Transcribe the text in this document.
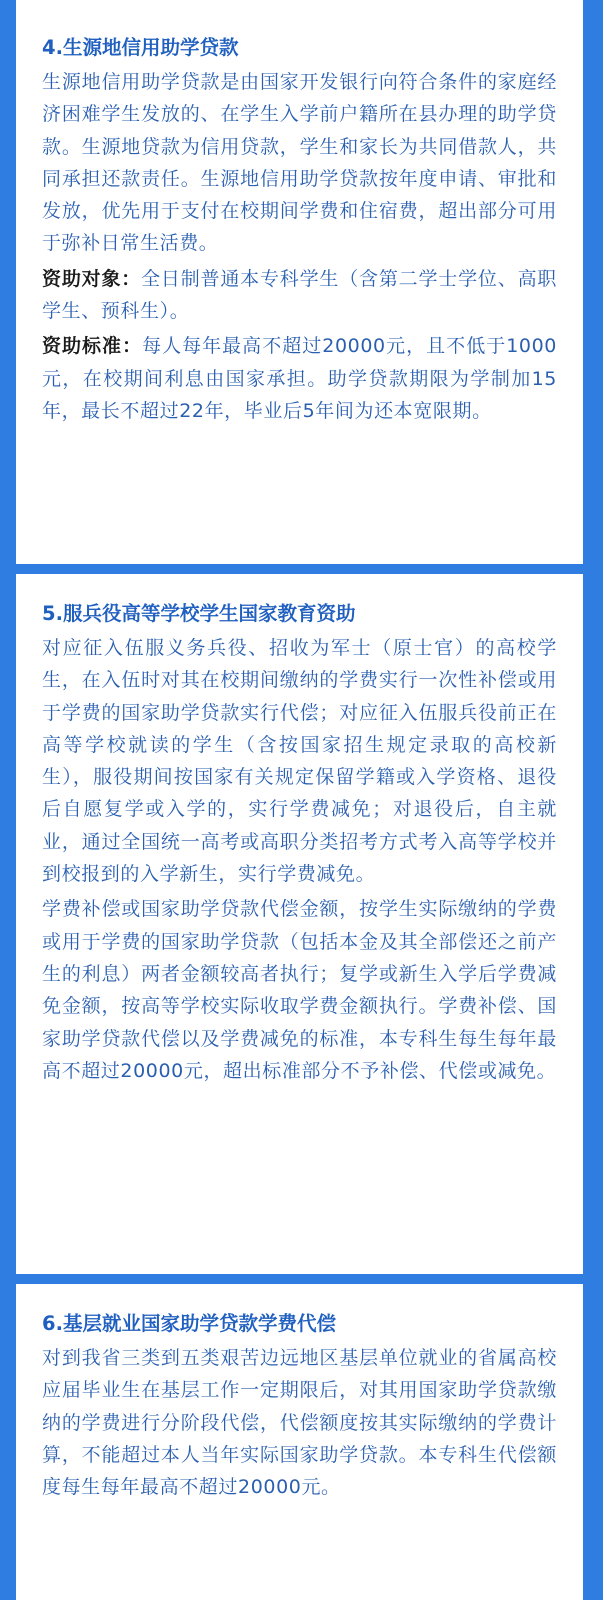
4.生源地信用助学贷款

生源地信用助学贷款是由国家开发银行向符合条件的家庭经济困难学生发放的、在学生入学前户籍所在县办理的助学贷款。生源地贷款为信用贷款，学生和家长为共同借款人，共同承担还款责任。生源地信用助学贷款按年度申请、审批和发放，优先用于支付在校期间学费和住宿费，超出部分可用于弥补日常生活费。

资助对象：全日制普通本专科学生（含第二学士学位、高职学生、预科生）。

资助标准：每人每年最高不超过20000元，且不低于1000元，在校期间利息由国家承担。助学贷款期限为学制加15年，最长不超过22年，毕业后5年间为还本宽限期。

5.服兵役高等学校学生国家教育资助

对应征入伍服义务兵役、招收为军士（原士官）的高校学生，在入伍时对其在校期间缴纳的学费实行一次性补偿或用于学费的国家助学贷款实行代偿；对应征入伍服兵役前正在高等学校就读的学生（含按国家招生规定录取的高校新生），服役期间按国家有关规定保留学籍或入学资格、退役后自愿复学或入学的，实行学费减免；对退役后，自主就业，通过全国统一高考或高职分类招考方式考入高等学校并到校报到的入学新生，实行学费减免。

学费补偿或国家助学贷款代偿金额，按学生实际缴纳的学费或用于学费的国家助学贷款（包括本金及其全部偿还之前产生的利息）两者金额较高者执行；复学或新生入学后学费减免金额，按高等学校实际收取学费金额执行。学费补偿、国家助学贷款代偿以及学费减免的标准，本专科生每生每年最高不超过20000元，超出标准部分不予补偿、代偿或减免。

6.基层就业国家助学贷款学费代偿

对到我省三类到五类艰苦边远地区基层单位就业的省属高校应届毕业生在基层工作一定期限后，对其用国家助学贷款缴纳的学费进行分阶段代偿，代偿额度按其实际缴纳的学费计算，不能超过本人当年实际国家助学贷款。本专科生代偿额度每生每年最高不超过20000元。
